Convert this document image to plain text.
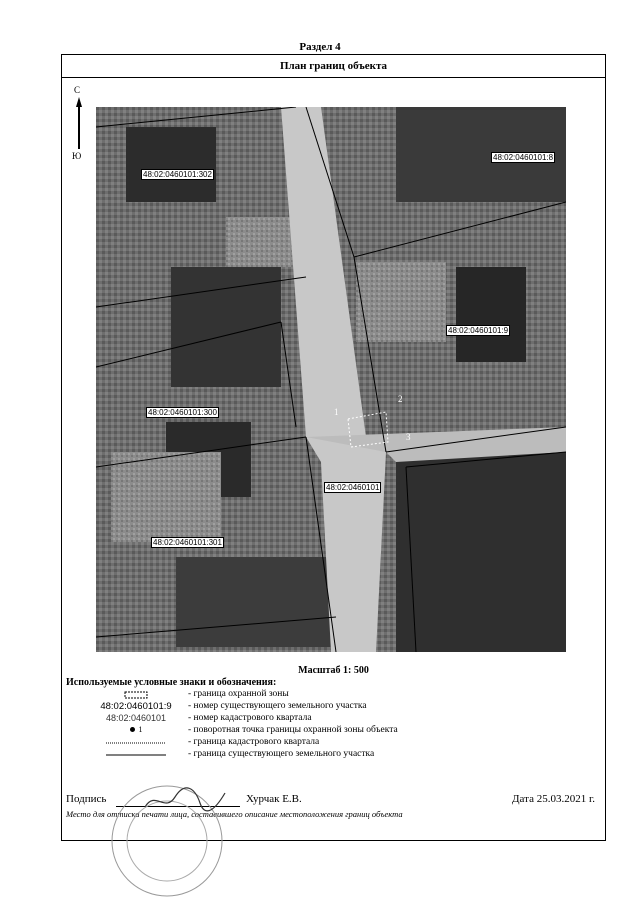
Раздел 4
План границ объекта
С
Ю
48:02:0460101:302
48:02:0460101:8
48:02:0460101:9
48:02:0460101:300
48:02:0460101
48:02:0460101:301
1
2
3
Масштаб 1: 500
Используемые условные знаки и обозначения:
- граница охранной зоны
48:02:0460101:9	- номер существующего земельного участка
48:02:0460101	- номер кадастрового квартала
1	- поворотная точка границы охранной зоны объекта
- граница кадастрового квартала
- граница существующего земельного участка
Подпись	Хурчак Е.В.	Дата 25.03.2021 г.
Место для оттиска печати лица, составившего описание местоположения границ объекта
